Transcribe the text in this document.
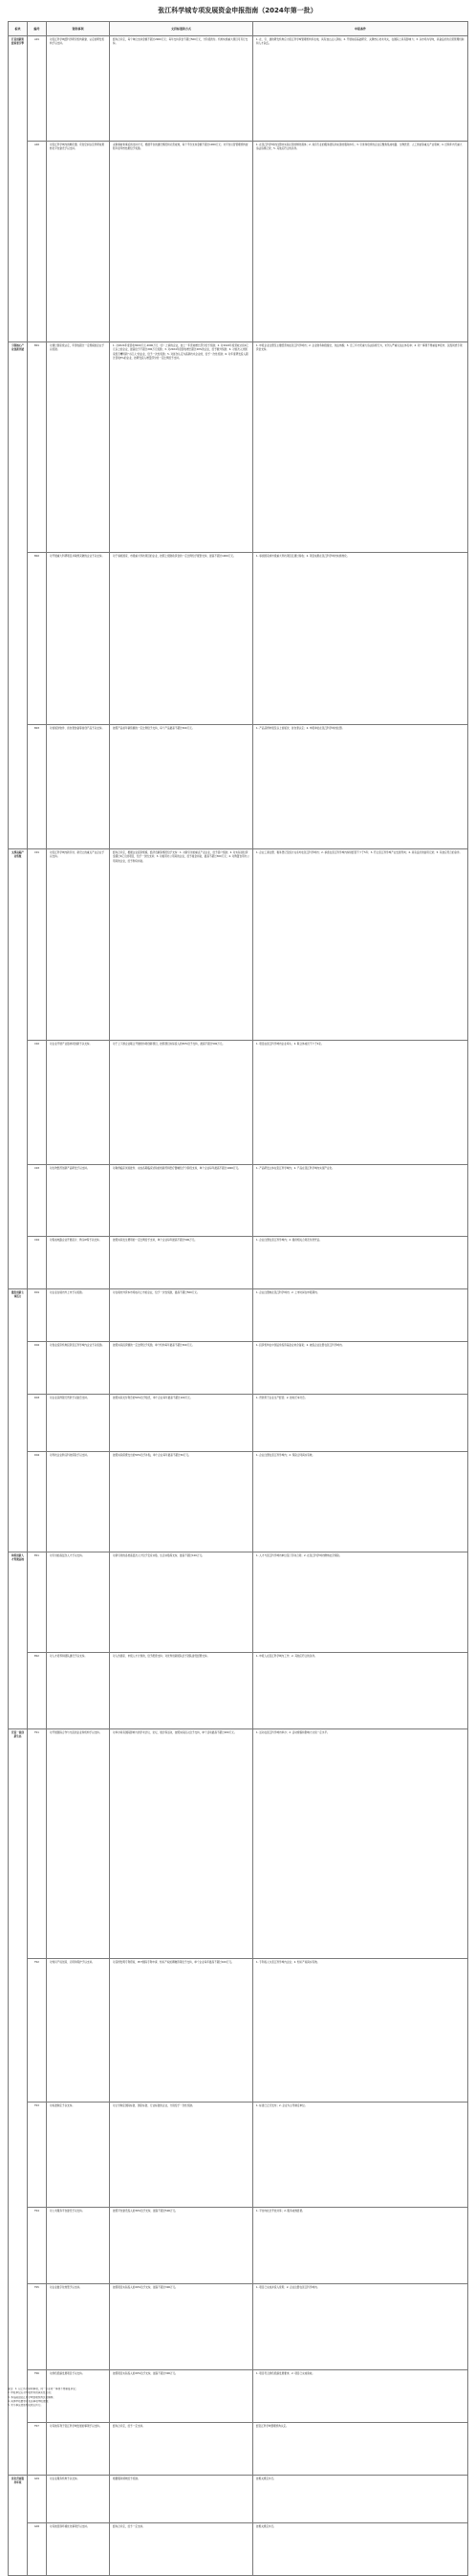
张江科学城专项发展资金申报指南（2024年第一批）
板块	编号	资助事项	支持标准和方式	申报条件
打造创新策源重要引擎	A01	对张江科学城经科学研究机构新建、认定的研发机构予以支持。	经综合评定，每个单位支持金额不超过2000万元；每年支持资金不超过500万元，分阶段拨付。机构实施重大项目可另行支持。	1. 在、引、建的研发机构应为张江科学城管理机构所在地，具有独立法人资格；2. 开展前沿基础研究、关键核心技术攻关，在国际上具有影响力；3. 以市场为导向，具备良好的运营管理机制和人才队伍。
	A02	对张江科学城内的孵化器、众创空间以及科研成果转化平台建设予以支持。	采取事前和事后的支持方式，根据平台的建设情况和运营成效，每个平台支持金额不超过1000万元；对平台运营管理机构按照年度考核结果给予奖励。	1. 在张江科学城内注册并实际运营的孵化载体；2. 具有专业的服务团队和完善的服务体系；3. 引进和培育的企业应聚焦集成电路、生物医药、人工智能等重点产业领域；4. 近两年内无重大违法违规记录；5. 其他应符合的条件。
引领核心产业创新突破	B01	对通过国家级认定，年营收超过一定规模的企业予以奖励。	1. 对2024年度营收3000万元-2000万元（含）之间的企业，按上一年营收增长部分给予奖励；2. 对2024年度营收达到1亿元以上的企业，最高给予不超过200万元奖励；3. 对2024年度营收增长超过20%的企业，给予额外奖励；4. 对首次入选国家级专精特新“小巨人”的企业，给予一次性奖励；5. 对首次认定为高新技术企业的，给予一次性奖励；6. 对年度研发投入超过营收5%的企业，按研发投入增量部分的一定比例给予支持。	1. 申报企业注册及主要经营地在张江科学城内；2. 企业财务制度健全，依法纳税；3. 近三年内无重大违法违规行为，未列入严重失信主体名单；4. 同一事项不得重复申报市、区级同类专项资金支持。
	B02	对开展重大科研项目并取得突破的企业予以支持。	对于承担国家、市级重大科技项目的企业，按照上级财政资金的一定比例给予配套支持，最高不超过1000万元。	1. 承担国家或市级重大科技项目且通过验收；2. 项目成果在张江科学城内实施转化。
	B03	对首版次软件、首台套装备等首创产品予以支持。	按照产品首年销售额的一定比例给予支持，每个产品最高不超过500万元。	1. 产品获得市级及以上首版次、首台套认定；2. 申报单位在张江科学城内注册。
支撑高端产业集聚	C01	对张江科学城内新引进、新设立的重点产业企业予以支持。	经综合评定，根据企业投资规模、经济贡献等情况给予支持：1. 对新引进的重点产业企业，给予落户奖励；2. 对实际到位资金超过1亿元的项目，给予一次性支持；3. 对租用办公用房的企业，给予租金补贴，最高不超过300万元；4. 对购置自用办公用房的企业，给予购房补贴。	1. 企业工商注册、税务登记及统计关系均在张江科学城内；2. 承诺在张江科学城内持续经营不少于5年；3. 符合张江科学城产业发展导向；4. 具有良好的信用记录；5. 其他应符合的条件。
	C02	对企业开展产业链协同创新予以支持。	对于上下游企业联合开展的协同创新项目，按照项目实际投入的30%给予支持，最高不超过500万元。	1. 项目由张江科学城内企业牵头；2. 联合体成员不少于2家。
	C03	对生物医药创新产品研发予以支持。	对取得临床试验批件、完成各期临床试验的创新药和医疗器械给予分阶段支持，单个企业每年最高不超过1000万元。	1. 产品研发主体在张江科学城内；2. 产品在张江科学城内实现产业化。
	C04	对集成电路企业开展流片、购买IP等予以支持。	按照实际发生费用的一定比例给予支持，单个企业每年最高不超过500万元。	1. 企业注册在张江科学城内；2. 提供相关合同及付款凭证。
激发创新主体活力	D01	对企业在境内外上市予以奖励。	对在境内外资本市场成功上市的企业，给予一次性奖励，最高不超过500万元。	1. 企业注册地在张江科学城内；2. 上市时间在申报期内。
	D02	对创业投资机构投资张江科学城内企业予以奖励。	按照实际投资额的一定比例给予奖励，单个机构每年最高不超过300万元。	1. 投资机构在中国证券投资基金业协会备案；2. 被投企业注册在张江科学城内。
	D03	对企业获得银行贷款予以贴息支持。	按照实际支付利息的50%给予贴息，单个企业每年最高不超过100万元。	1. 贷款用于企业生产经营；2. 按时还本付息。
	D04	对科技企业购买科技保险予以支持。	按照实际保费支出的50%给予补贴，单个企业每年最高不超过50万元。	1. 企业注册在张江科学城内；2. 保险合同真实有效。
构筑创新人才集聚高地	E01	对引进的高层次人才予以支持。	对新引进的各类高层次人才给予安家补贴、生活补贴等支持，最高不超过100万元。	1. 人才与张江科学城内单位签订劳动合同；2. 在张江科学城内缴纳社会保险。
	E02	对人才培养和团队建设予以支持。	对入选国家、市级人才计划的，给予配套支持；对优秀创新团队给予团队建设经费支持。	1. 申报人在张江科学城内工作；2. 其他应符合的条件。
营造一流创新生态	F01	对开展国际合作与交流的企业和机构予以支持。	对举办具有国际影响力的学术会议、论坛、展会等活动，按照实际投入给予支持，单个活动最高不超过200万元。	1. 活动在张江科学城内举办；2. 活动规模和影响力达到一定水平。
	F02	对知识产权创造、运用和保护予以支持。	对获得发明专利授权、PCT国际专利申请、知识产权质押融资等给予支持，单个企业每年最高不超过100万元。	1. 专利权人为张江科学城内企业；2. 知识产权真实有效。
	F03	对标准制定予以支持。	对主导制定国际标准、国家标准、行业标准的企业，分别给予一次性奖励。	1. 标准已正式发布；2. 企业为主导制定单位。
	F04	对公共服务平台建设予以支持。	按照平台建设投入的30%给予支持，最高不超过500万元。	1. 平台向社会开放共享；2. 服务成效显著。
	F05	对企业数字化转型予以支持。	按照项目实际投入的20%给予支持，最高不超过300万元。	1. 项目已完成并投入使用；2. 企业注册在张江科学城内。
	F06	对绿色低碳发展项目予以支持。	按照项目实际投入的20%给予支持，最高不超过300万元。	1. 项目符合绿色低碳发展要求；2. 项目已完成验收。
	F07	对其他有利于张江科学城发展的事项予以支持。	经综合评定，给予一定支持。	经张江科学城管理机构认定。
优化营商服务环境	G01	对企业服务机构予以支持。	根据服务绩效给予奖励。	按相关规定执行。
	G02	对其他营商环境优化事项予以支持。	经综合评定，给予一定支持。	按相关规定执行。
备注：1. 以上所列资助事项，同一企业同一事项不得重复享受；
2. 申报单位应对申报材料的真实性负责；
3. 本指南由张江科学城管理机构负责解释；
4. 具体申报要求详见各事项申报通知；
5. 未尽事宜按照相关规定执行。
